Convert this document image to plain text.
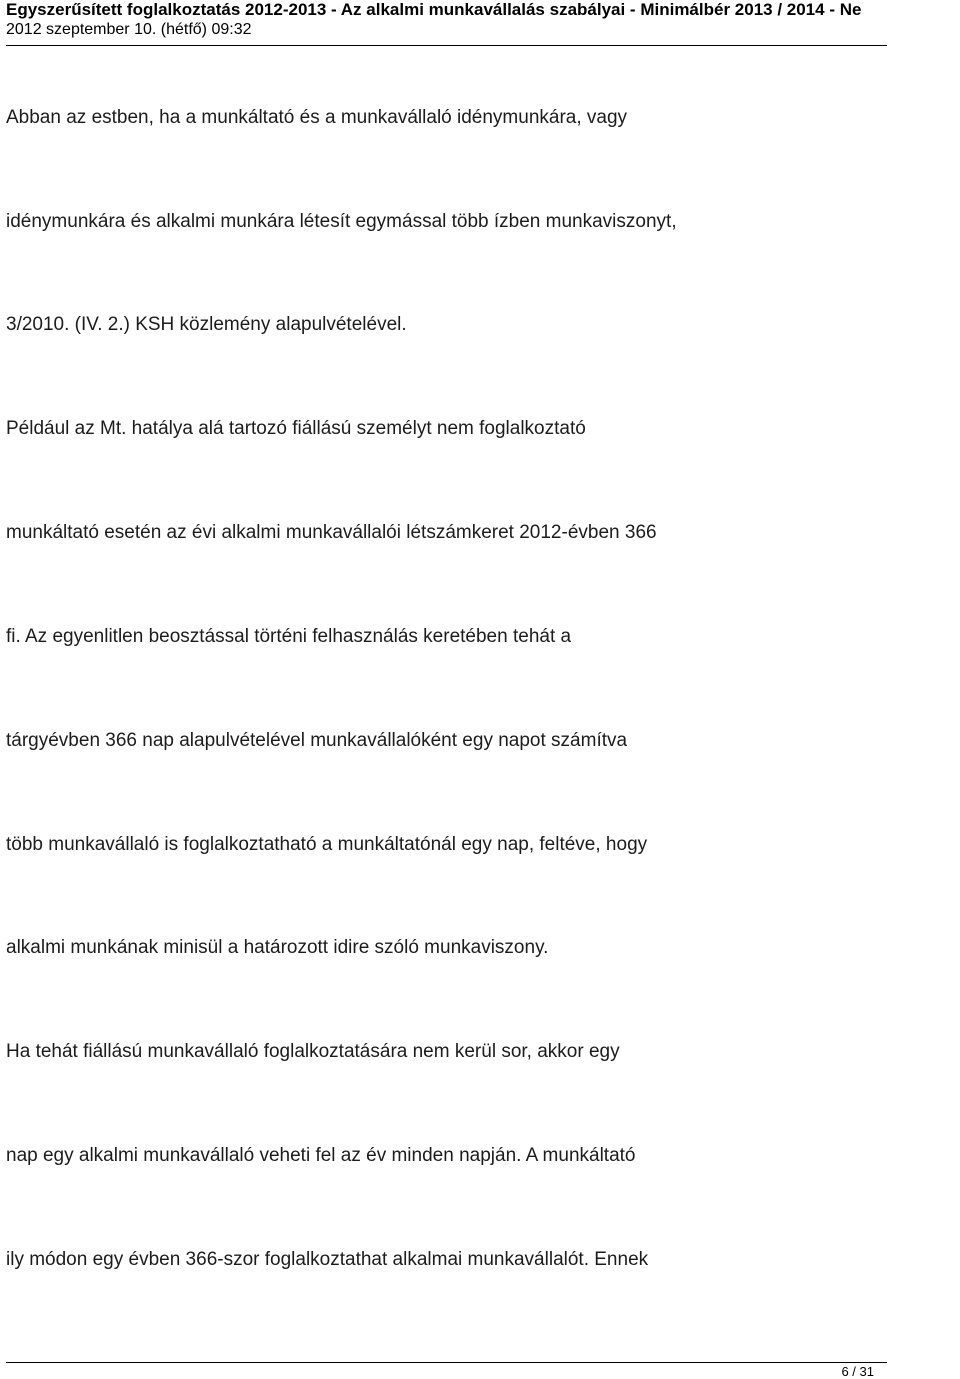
Egyszerűsített foglalkoztatás 2012-2013 - Az alkalmi munkavállalás szabályai - Minimálbér 2013 / 2014 - Ne
2012 szeptember 10. (hétfő) 09:32
Abban az estben, ha a munkáltató és a munkavállaló idénymunkára, vagy
idénymunkára és alkalmi munkára létesít egymással több ízben munkaviszonyt,
3/2010. (IV. 2.) KSH közlemény alapulvételével.
Például az Mt. hatálya alá tartozó fiállású személyt nem foglalkoztató
munkáltató esetén az évi alkalmi munkavállalói létszámkeret 2012-évben 366
fi. Az egyenlitlen beosztással történi felhasználás keretében tehát a
tárgyévben 366 nap alapulvételével munkavállalóként egy napot számítva
több munkavállaló is foglalkoztatható a munkáltatónál egy nap, feltéve, hogy
alkalmi munkának minisül a határozott idire szóló munkaviszony.
Ha tehát fiállású munkavállaló foglalkoztatására nem kerül sor, akkor egy
nap egy alkalmi munkavállaló veheti fel az év minden napján. A munkáltató
ily módon egy évben 366-szor foglalkoztathat alkalmai munkavállalót. Ennek
6 / 31
